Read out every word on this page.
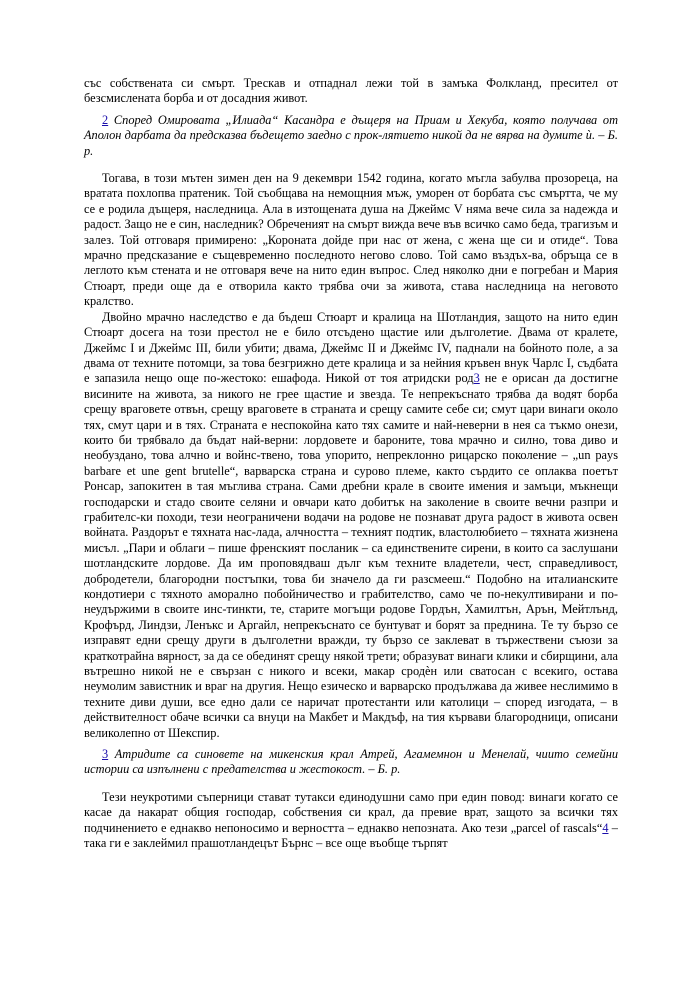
със собствената си смърт. Трескав и отпаднал лежи той в замъка Фолкланд, пресител от безсмислената борба и от досадния живот.

2 Според Омировата „Илиада“ Касандра е дъщеря на Приам и Хекуба, която получава от Аполон дарбата да предсказва бъдещето заедно с прок-лятието никой да не вярва на думите ѝ. – Б. р.

Тогава, в този мътен зимен ден на 9 декември 1542 година, когато мъгла забулва прозореца, на вратата похлопва пратеник. Той съобщава на немощния мъж, уморен от борбата със смъртта, че му се е родила дъщеря, наследница. Ала в изтощената душа на Джеймс V няма вече сила за надежда и радост. Защо не е син, наследник? Обреченият на смърт вижда вече във всичко само беда, трагизъм и залез. Той отговаря примирено: „Короната дойде при нас от жена, с жена ще си и отиде“. Това мрачно предсказание е същевременно последното негово слово. Той само въздъх-ва, обръща се в леглото към стената и не отговаря вече на нито един въпрос. След няколко дни е погребан и Мария Стюарт, преди още да е отворила както трябва очи за живота, става наследница на неговото кралство.

Двойно мрачно наследство е да бъдеш Стюарт и кралица на Шотландия, защото на нито един Стюарт досега на този престол не е било отсъдено щастие или дълголетие. Двама от кралете, Джеймс I и Джеймс III, били убити; двама, Джеймс II и Джеймс IV, паднали на бойното поле, а за двама от техните потомци, за това безгрижно дете кралица и за нейния кръвен внук Чарлс I, съдбата е запазила нещо още по-жестоко: ешафода. Никой от тоя атридски род3 не е орисан да достигне висините на живота, за никого не грее щастие и звезда. Те непрекъснато трябва да водят борба срещу враговете отвън, срещу враговете в страната и срещу самите себе си; смут цари винаги около тях, смут цари и в тях. Страната е неспокойна като тях самите и най-неверни в нея са тъкмо онези, които би трябвало да бъдат най-верни: лордовете и бароните, това мрачно и силно, това диво и необуздано, това алчно и войнс-твено, това упорито, непреклонно рицарско поколение – „un pays barbare et une gent brutelle“, варварска страна и сурово племе, както сърдито се оплаква поетът Ронсар, запокитен в тая мъглива страна. Сами дребни крале в своите имения и замъци, мъкнещи господарски и стадо своите селяни и овчари като добитък на заколение в своите вечни разпри и грабителс-ки походи, тези неограничени водачи на родове не познават друга радост в живота освен войната. Раздорът е тяхната нас-лада, алчността – техният подтик, властолюбието – тяхната жизнена мисъл. „Пари и облаги – пише френският посланик – са единствените сирени, в които са заслушани шотландските лордове. Да им проповядваш дълг към техните владетели, чест, справедливост, добродетели, благородни постъпки, това би значело да ги разсмееш.“ Подобно на италианските кондотиери с тяхното аморално побойничество и грабителство, само че по-некултивирани и по-неудържими в своите инс-тинкти, те, старите могъщи родове Гордън, Хамилтън, Арън, Мейтлънд, Крофърд, Линдзи, Ленъкс и Аргайл, непрекъснато се бунтуват и борят за преднина. Те ту бързо се изправят едни срещу други в дълголетни вражди, ту бързо се заклеват в тържествени съюзи за краткотрайна вярност, за да се обединят срещу някой трети; образуват винаги клики и сбирщини, ала вътрешно никой не е свързан с никого и всеки, макар сродѐн или сватосан с всекиго, остава неумолим завистник и враг на другия. Нещо езическо и варварско продължава да живее неслимимо в техните диви души, все едно дали се наричат протестанти или католици – според изгодата, – в действителност обаче всички са внуци на Макбет и Макдъф, на тия кървави благородници, описани великолепно от Шекспир.

3 Атридите са синовете на микенския крал Атрей, Агамемнон и Менелай, чиито семейни истории са изпълнени с предателства и жестокост. – Б. р.

Тези неукротими съперници стават тутакси единодушни само при един повод: винаги когато се касае да накарат общия господар, собствения си крал, да превие врат, защото за всички тях подчинението е еднакво непоносимо и верността – еднакво непозната. Ако тези „parcel of rascals“4 – така ги е заклеймил прашотландецът Бърнс – все още въобще търпят
